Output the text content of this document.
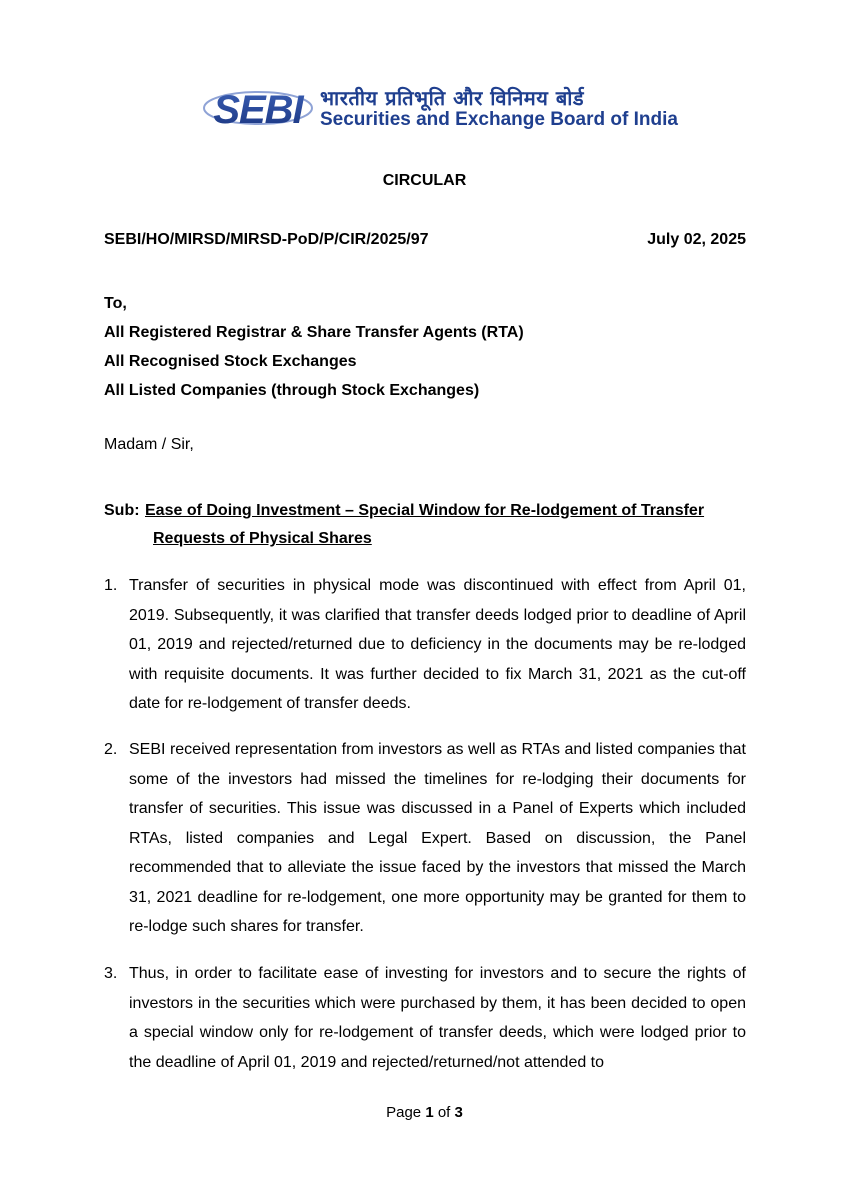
SEBI भारतीय प्रतिभूति और विनिमय बोर्ड
Securities and Exchange Board of India
CIRCULAR
SEBI/HO/MIRSD/MIRSD-PoD/P/CIR/2025/97	July 02, 2025
To,
All Registered Registrar & Share Transfer Agents (RTA)
All Recognised Stock Exchanges
All Listed Companies (through Stock Exchanges)
Madam / Sir,
Sub: Ease of Doing Investment – Special Window for Re-lodgement of Transfer
Requests of Physical Shares
1. Transfer of securities in physical mode was discontinued with effect from April 01, 2019. Subsequently, it was clarified that transfer deeds lodged prior to deadline of April 01, 2019 and rejected/returned due to deficiency in the documents may be re-lodged with requisite documents. It was further decided to fix March 31, 2021 as the cut-off date for re-lodgement of transfer deeds.
2. SEBI received representation from investors as well as RTAs and listed companies that some of the investors had missed the timelines for re-lodging their documents for transfer of securities. This issue was discussed in a Panel of Experts which included RTAs, listed companies and Legal Expert. Based on discussion, the Panel recommended that to alleviate the issue faced by the investors that missed the March 31, 2021 deadline for re-lodgement, one more opportunity may be granted for them to re-lodge such shares for transfer.
3. Thus, in order to facilitate ease of investing for investors and to secure the rights of investors in the securities which were purchased by them, it has been decided to open a special window only for re-lodgement of transfer deeds, which were lodged prior to the deadline of April 01, 2019 and rejected/returned/not attended to
Page 1 of 3
